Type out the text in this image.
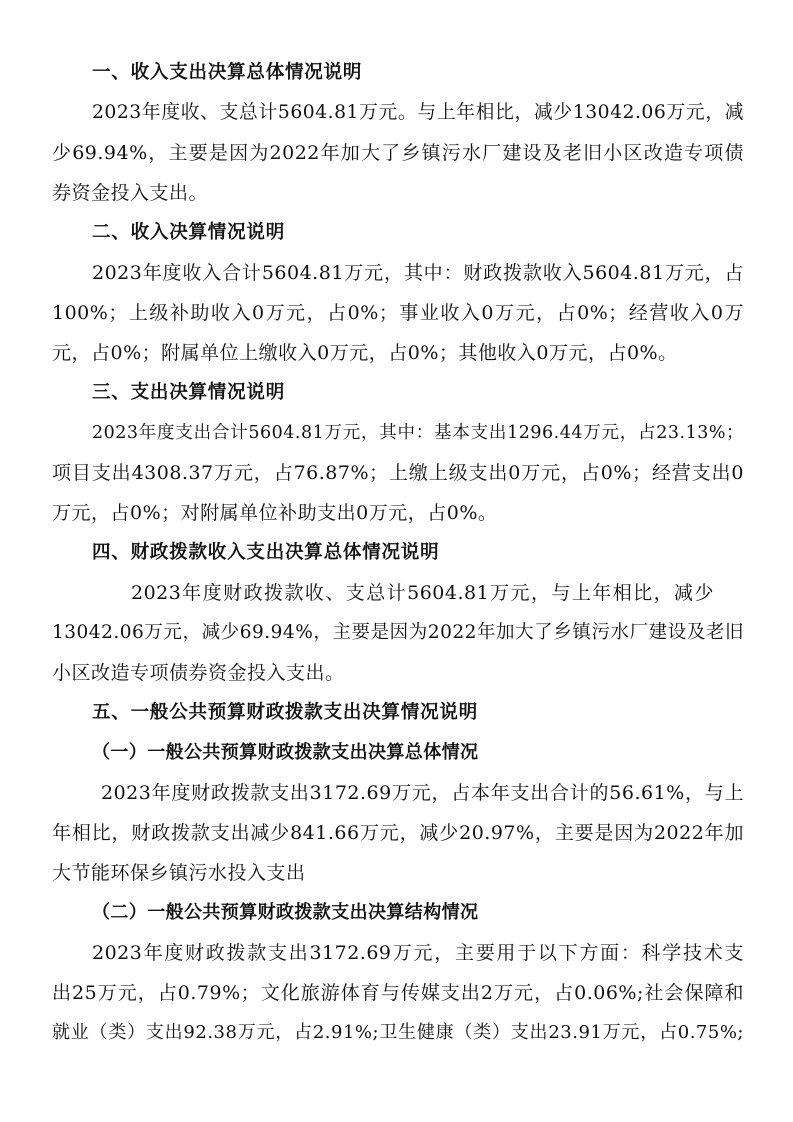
一、收入支出决算总体情况说明
2023年度收、支总计5604.81万元。与上年相比，减少13042.06万元，减
少69.94%，主要是因为2022年加大了乡镇污水厂建设及老旧小区改造专项债
券资金投入支出。
二、收入决算情况说明
2023年度收入合计5604.81万元，其中：财政拨款收入5604.81万元，占
100%；上级补助收入0万元，占0%；事业收入0万元，占0%；经营收入0万
元，占0%；附属单位上缴收入0万元，占0%；其他收入0万元，占0%。
三、支出决算情况说明
2023年度支出合计5604.81万元，其中：基本支出1296.44万元，占23.13%；
项目支出4308.37万元，占76.87%；上缴上级支出0万元，占0%；经营支出0
万元，占0%；对附属单位补助支出0万元，占0%。
四、财政拨款收入支出决算总体情况说明
2023年度财政拨款收、支总计5604.81万元，与上年相比，减少
13042.06万元，减少69.94%，主要是因为2022年加大了乡镇污水厂建设及老旧
小区改造专项债券资金投入支出。
五、一般公共预算财政拨款支出决算情况说明
（一）一般公共预算财政拨款支出决算总体情况
2023年度财政拨款支出3172.69万元，占本年支出合计的56.61%，与上
年相比，财政拨款支出减少841.66万元，减少20.97%，主要是因为2022年加
大节能环保乡镇污水投入支出
（二）一般公共预算财政拨款支出决算结构情况
2023年度财政拨款支出3172.69万元，主要用于以下方面：科学技术支
出25万元，占0.79%；文化旅游体育与传媒支出2万元，占0.06%;社会保障和
就业（类）支出92.38万元，占2.91%;卫生健康（类）支出23.91万元，占0.75%;
